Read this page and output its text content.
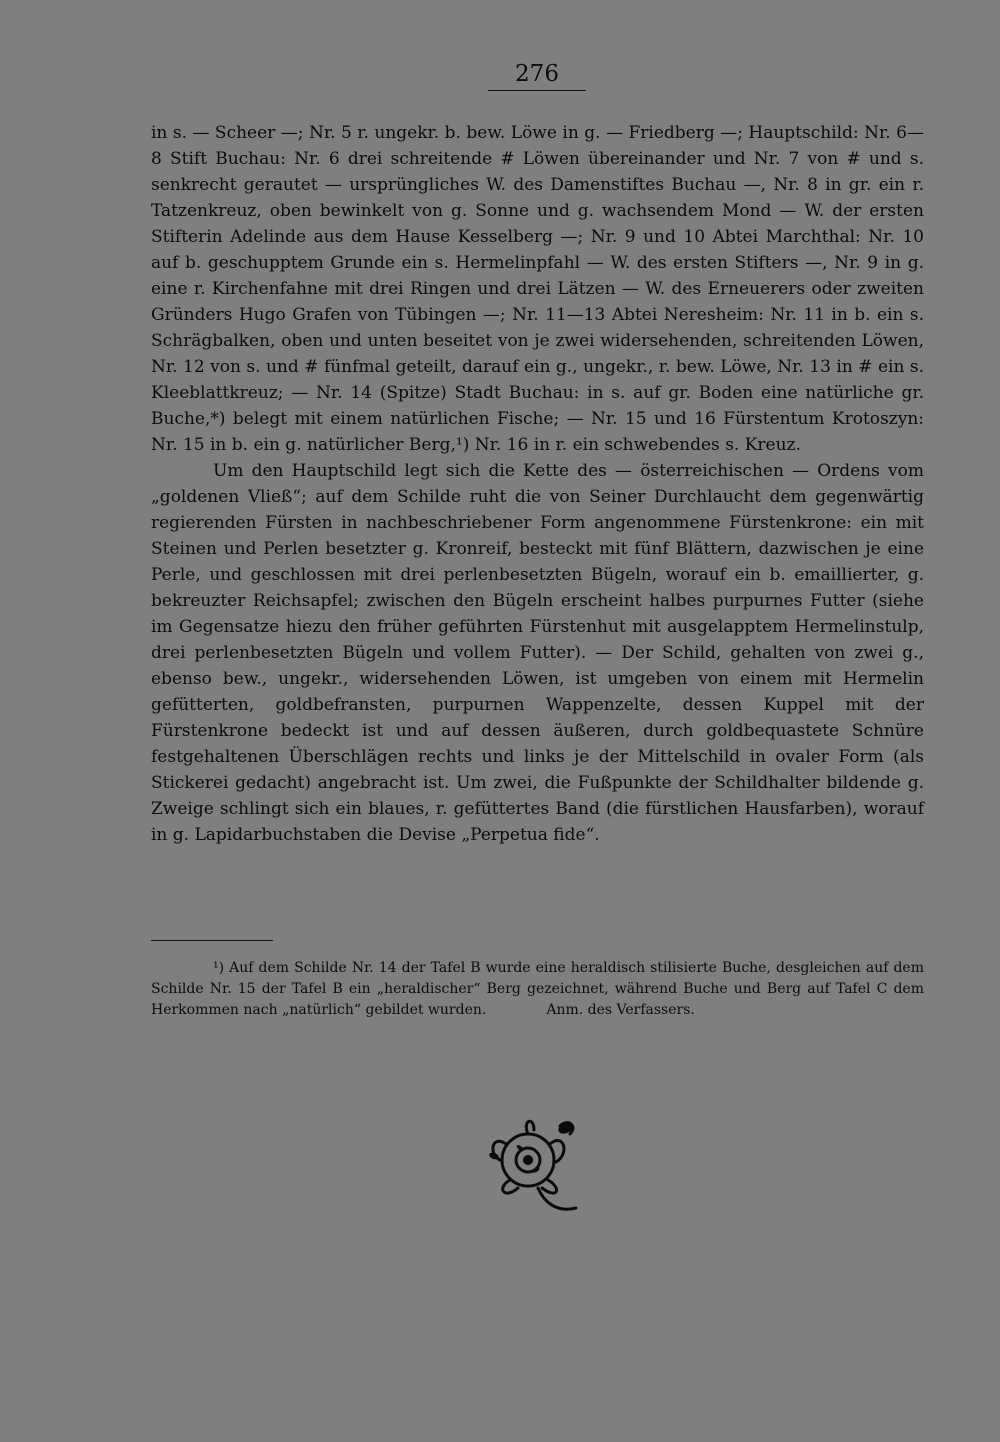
276

in s. — Scheer —; Nr. 5 r. ungekr. b. bew. Löwe in g. — Friedberg —; Hauptschild: Nr. 6—8 Stift Buchau: Nr. 6 drei schreitende # Löwen übereinander und Nr. 7 von # und s. senkrecht gerautet — ursprüngliches W. des Damenstiftes Buchau —, Nr. 8 in gr. ein r. Tatzenkreuz, oben bewinkelt von g. Sonne und g. wachsendem Mond — W. der ersten Stifterin Adelinde aus dem Hause Kesselberg —; Nr. 9 und 10 Abtei Marchthal: Nr. 10 auf b. geschupptem Grunde ein s. Hermelinpfahl — W. des ersten Stifters —, Nr. 9 in g. eine r. Kirchenfahne mit drei Ringen und drei Lätzen — W. des Erneuerers oder zweiten Gründers Hugo Grafen von Tübingen —; Nr. 11—13 Abtei Neresheim: Nr. 11 in b. ein s. Schrägbalken, oben und unten beseitet von je zwei widersehenden, schreitenden Löwen, Nr. 12 von s. und # fünfmal geteilt, darauf ein g., ungekr., r. bew. Löwe, Nr. 13 in # ein s. Kleeblattkreuz; — Nr. 14 (Spitze) Stadt Buchau: in s. auf gr. Boden eine natürliche gr. Buche,*) belegt mit einem natürlichen Fische; — Nr. 15 und 16 Fürstentum Krotoszyn: Nr. 15 in b. ein g. natürlicher Berg,¹) Nr. 16 in r. ein schwebendes s. Kreuz.

Um den Hauptschild legt sich die Kette des — österreichischen — Ordens vom „goldenen Vließ“; auf dem Schilde ruht die von Seiner Durchlaucht dem gegenwärtig regierenden Fürsten in nachbeschriebener Form angenommene Fürstenkrone: ein mit Steinen und Perlen besetzter g. Kronreif, besteckt mit fünf Blättern, dazwischen je eine Perle, und geschlossen mit drei perlenbesetzten Bügeln, worauf ein b. emaillierter, g. bekreuzter Reichsapfel; zwischen den Bügeln erscheint halbes purpurnes Futter (siehe im Gegensatze hiezu den früher geführten Fürstenhut mit ausgelapptem Hermelinstulp, drei perlenbesetzten Bügeln und vollem Futter). — Der Schild, gehalten von zwei g., ebenso bew., ungekr., widersehenden Löwen, ist umgeben von einem mit Hermelin gefütterten, goldbefransten, purpurnen Wappenzelte, dessen Kuppel mit der Fürstenkrone bedeckt ist und auf dessen äußeren, durch goldbequastete Schnüre festgehaltenen Überschlägen rechts und links je der Mittelschild in ovaler Form (als Stickerei gedacht) angebracht ist. Um zwei, die Fußpunkte der Schildhalter bildende g. Zweige schlingt sich ein blaues, r. gefüttertes Band (die fürstlichen Hausfarben), worauf in g. Lapidarbuchstaben die Devise „Perpetua fide“.

¹) Auf dem Schilde Nr. 14 der Tafel B wurde eine heraldisch stilisierte Buche, desgleichen auf dem Schilde Nr. 15 der Tafel B ein „heraldischer“ Berg gezeichnet, während Buche und Berg auf Tafel C dem Herkommen nach „natürlich“ gebildet wurden.	Anm. des Verfassers.
